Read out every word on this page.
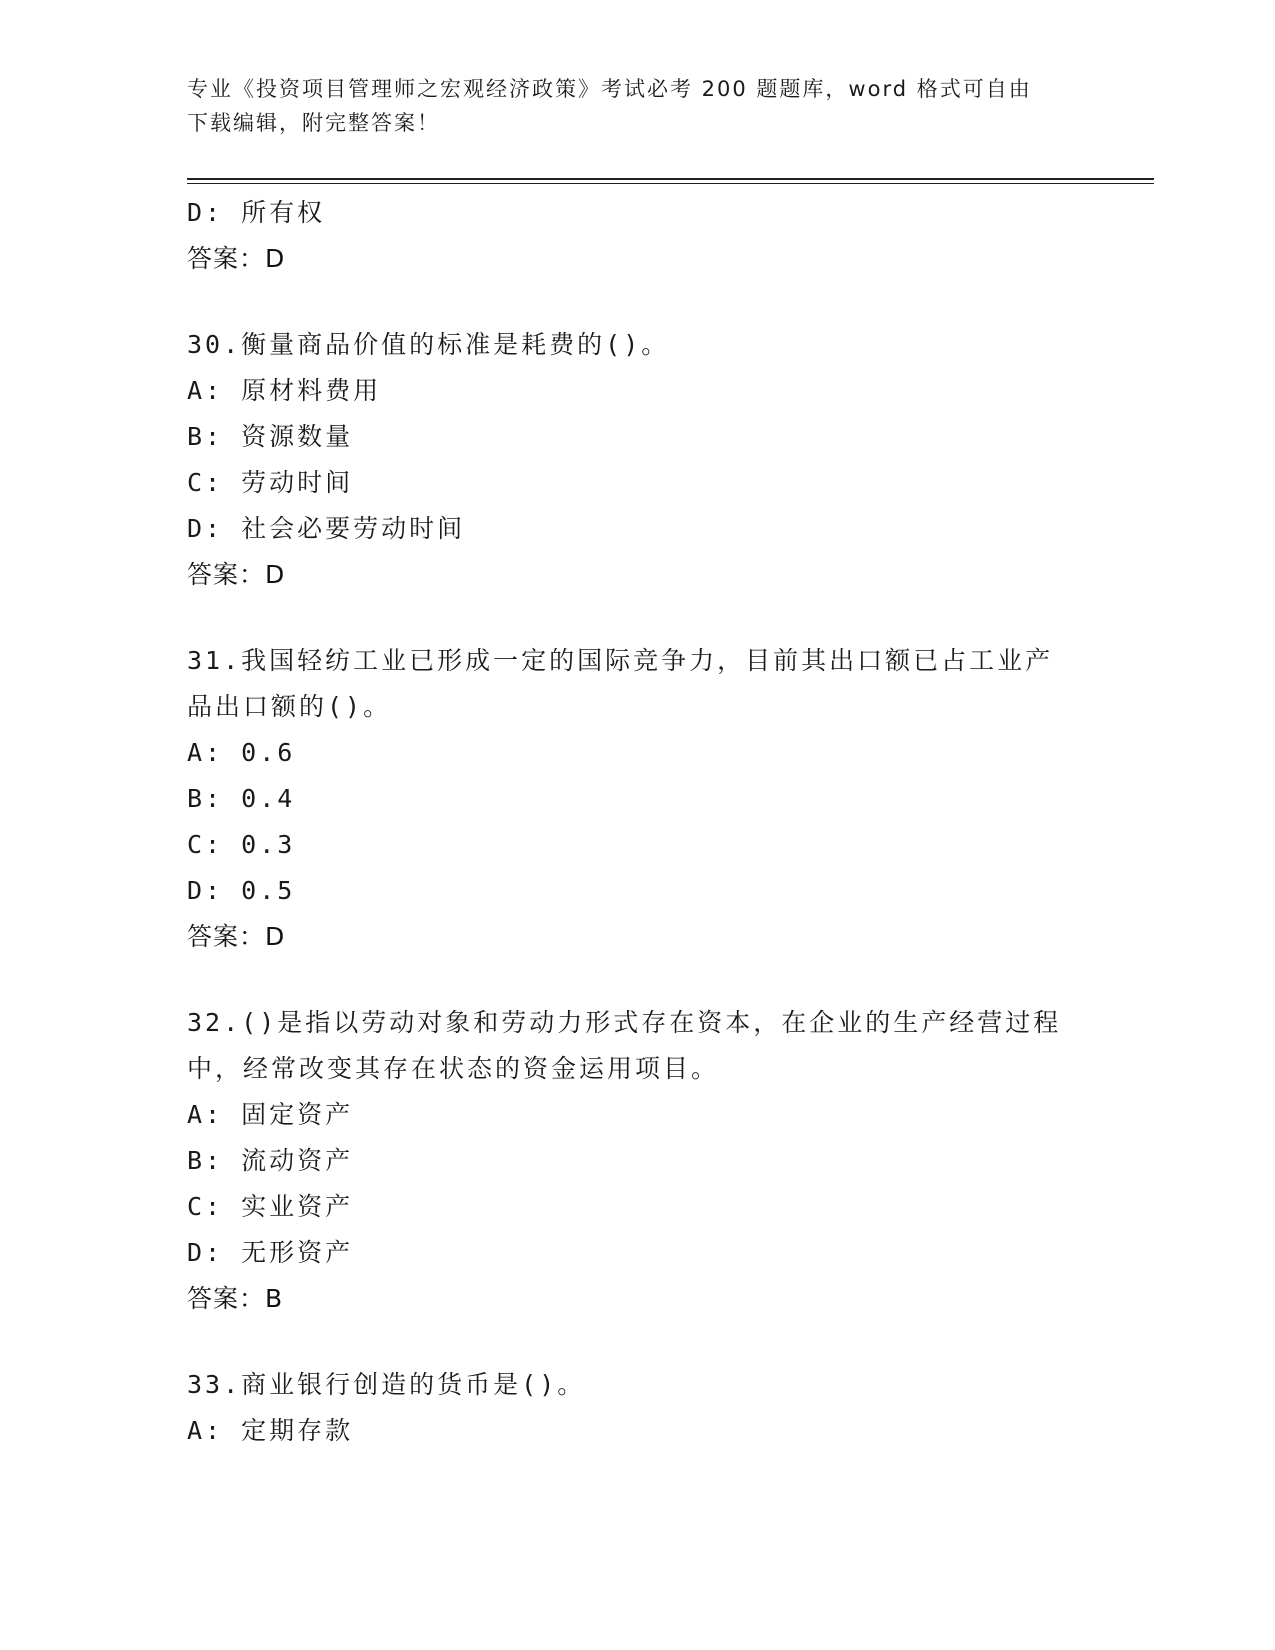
专业《投资项目管理师之宏观经济政策》考试必考 200 题题库，word 格式可自由
下载编辑，附完整答案！
D: 所有权
答案：D
30.衡量商品价值的标准是耗费的()。
A: 原材料费用
B: 资源数量
C: 劳动时间
D: 社会必要劳动时间
答案：D
31.我国轻纺工业已形成一定的国际竞争力，目前其出口额已占工业产
品出口额的()。
A: 0.6
B: 0.4
C: 0.3
D: 0.5
答案：D
32.()是指以劳动对象和劳动力形式存在资本，在企业的生产经营过程
中，经常改变其存在状态的资金运用项目。
A: 固定资产
B: 流动资产
C: 实业资产
D: 无形资产
答案：B
33.商业银行创造的货币是()。
A: 定期存款
